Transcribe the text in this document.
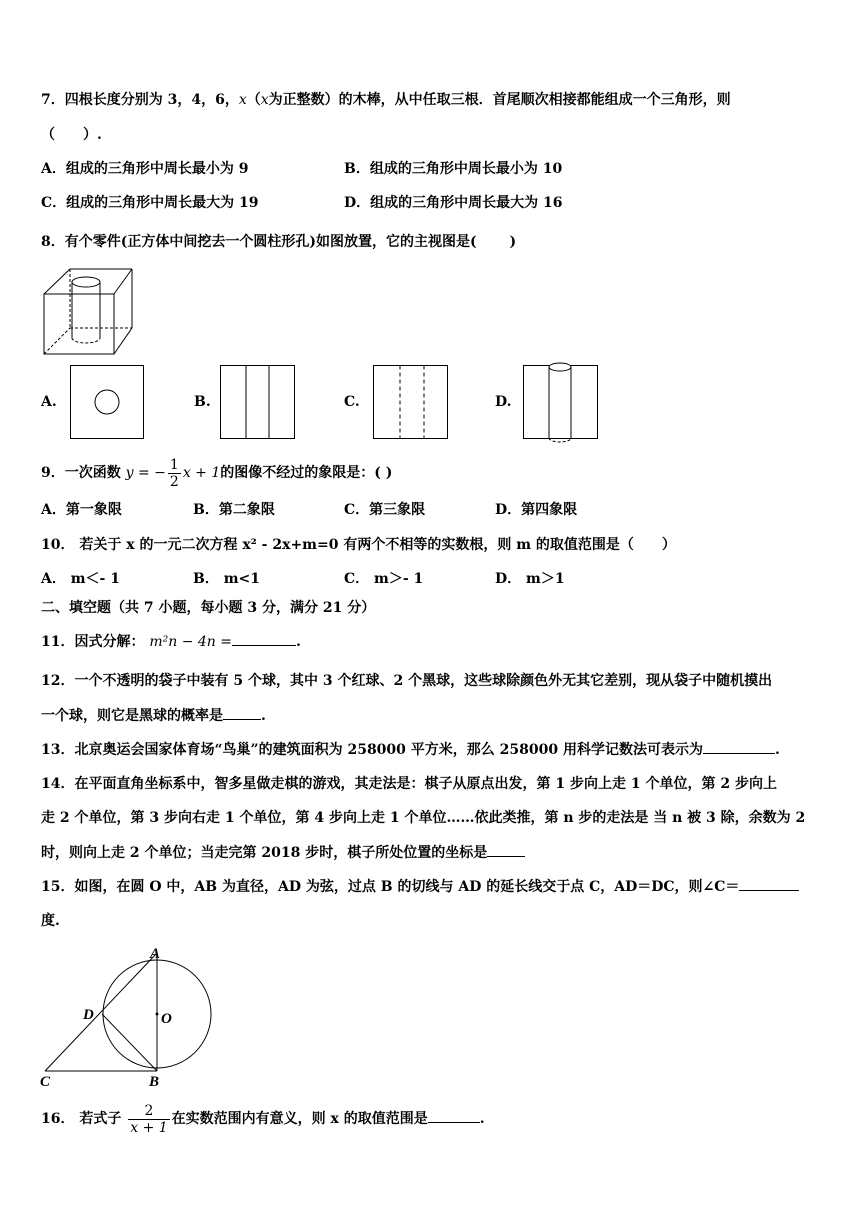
7．四根长度分别为 3，4，6，x（x为正整数）的木棒，从中任取三根．首尾顺次相接都能组成一个三角形，则
（　　）.
A．组成的三角形中周长最小为 9	B．组成的三角形中周长最小为 10
C．组成的三角形中周长最大为 19	D．组成的三角形中周长最大为 16
8．有个零件(正方体中间挖去一个圆柱形孔)如图放置，它的主视图是(　　 )
A.	B.	C.	D.
9．一次函数 y = − $\frac{1}{2}$ x + 1的图像不经过的象限是：( )
A．第一象限	B．第二象限	C．第三象限	D．第四象限
10． 若关于 x 的一元二次方程 x² - 2x+m=0 有两个不相等的实数根，则 m 的取值范围是（　　）
A． m＜- 1	B． m<1	C． m＞- 1	D． m＞1
二、填空题（共 7 小题，每小题 3 分，满分 21 分）
11．因式分解： m²n − 4n =	.
12．一个不透明的袋子中装有 5 个球，其中 3 个红球、2 个黑球，这些球除颜色外无其它差别，现从袋子中随机摸出
一个球，则它是黑球的概率是	.
13．北京奥运会国家体育场“鸟巢”的建筑面积为 258000 平方米，那么 258000 用科学记数法可表示为	.
14．在平面直角坐标系中，智多星做走棋的游戏，其走法是：棋子从原点出发，第 1 步向上走 1 个单位，第 2 步向上
走 2 个单位，第 3 步向右走 1 个单位，第 4 步向上走 1 个单位……依此类推，第 n 步的走法是 当 n 被 3 除，余数为 2
时，则向上走 2 个单位；当走完第 2018 步时，棋子所处位置的坐标是
15．如图，在圆 O 中，AB 为直径，AD 为弦，过点 B 的切线与 AD 的延长线交于点 C，AD＝DC，则∠C＝
度.
A
D	O
C	B
16． 若式子 $\frac{2}{x + 1}$ 在实数范围内有意义，则 x 的取值范围是	.
